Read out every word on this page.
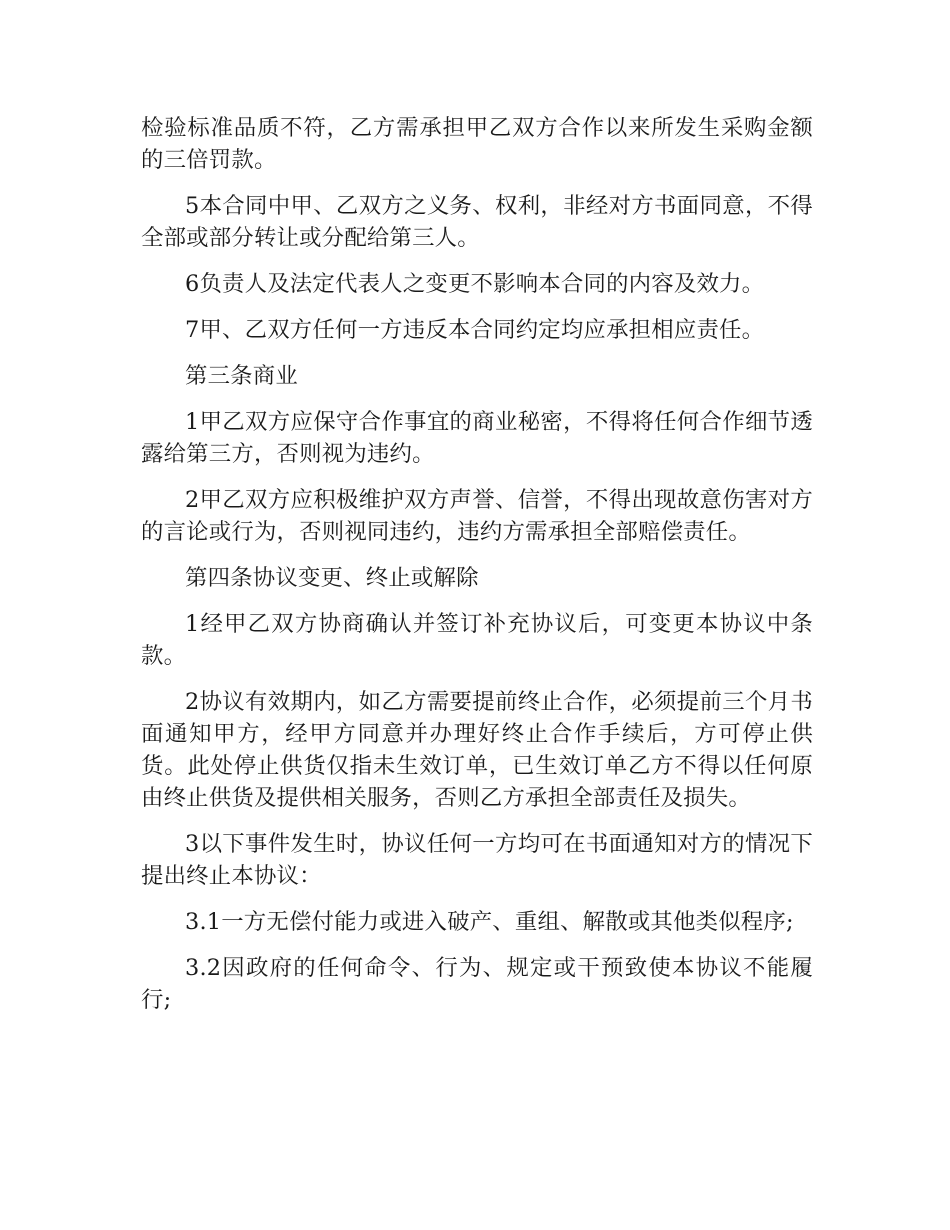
检验标准品质不符，乙方需承担甲乙双方合作以来所发生采购金额的三倍罚款。

5本合同中甲、乙双方之义务、权利，非经对方书面同意，不得全部或部分转让或分配给第三人。

6负责人及法定代表人之变更不影响本合同的内容及效力。

7甲、乙双方任何一方违反本合同约定均应承担相应责任。

第三条商业

1甲乙双方应保守合作事宜的商业秘密，不得将任何合作细节透露给第三方，否则视为违约。

2甲乙双方应积极维护双方声誉、信誉，不得出现故意伤害对方的言论或行为，否则视同违约，违约方需承担全部赔偿责任。

第四条协议变更、终止或解除

1经甲乙双方协商确认并签订补充协议后，可变更本协议中条款。

2协议有效期内，如乙方需要提前终止合作，必须提前三个月书面通知甲方，经甲方同意并办理好终止合作手续后，方可停止供货。此处停止供货仅指未生效订单，已生效订单乙方不得以任何原由终止供货及提供相关服务，否则乙方承担全部责任及损失。

3以下事件发生时，协议任何一方均可在书面通知对方的情况下提出终止本协议：

3.1一方无偿付能力或进入破产、重组、解散或其他类似程序;

3.2因政府的任何命令、行为、规定或干预致使本协议不能履行;
